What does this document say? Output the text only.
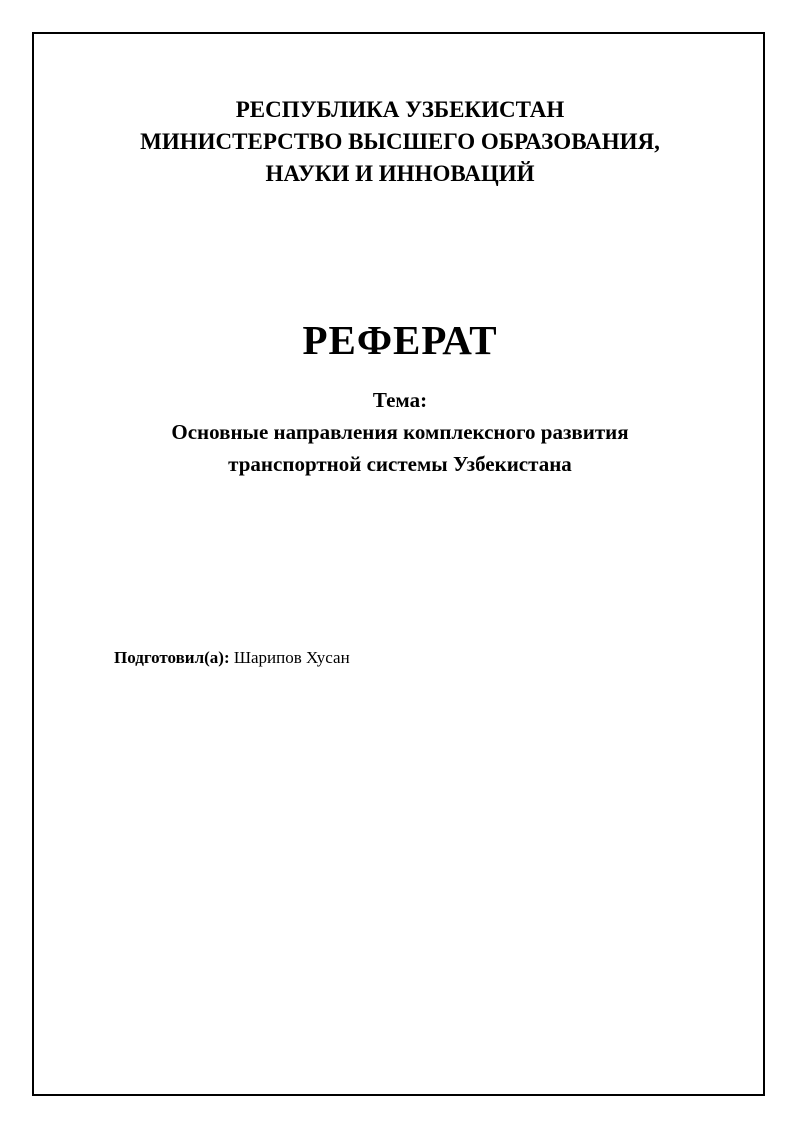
РЕСПУБЛИКА УЗБЕКИСТАН
МИНИСТЕРСТВО ВЫСШЕГО ОБРАЗОВАНИЯ,
НАУКИ И ИННОВАЦИЙ
РЕФЕРАТ
Тема:
Основные направления комплексного развития
транспортной системы Узбекистана
Подготовил(а): Шарипов Хусан
